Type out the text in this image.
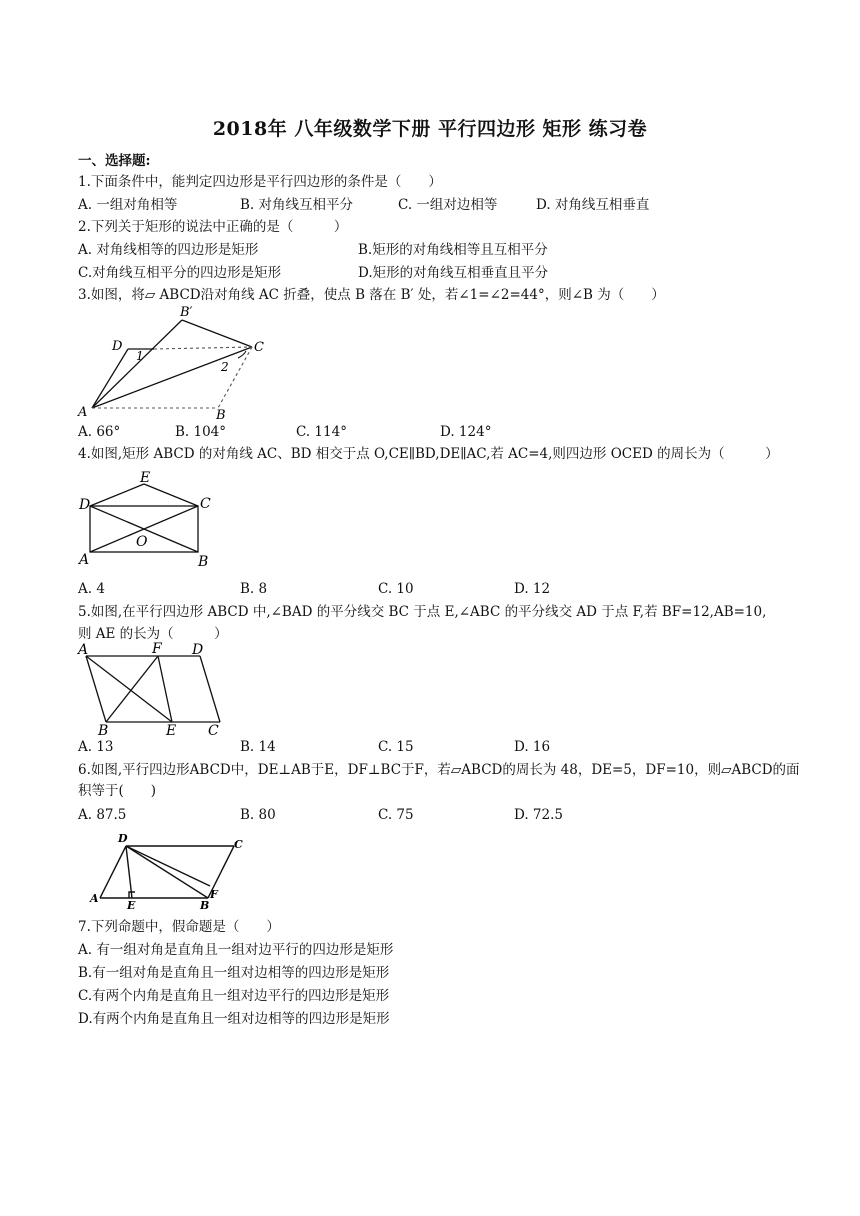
2018年 八年级数学下册 平行四边形 矩形 练习卷
一、选择题:
1.下面条件中，能判定四边形是平行四边形的条件是（　　）
A. 一组对角相等	B. 对角线互相平分	C. 一组对边相等	D. 对角线互相垂直
2.下列关于矩形的说法中正确的是（　　　）
A. 对角线相等的四边形是矩形	B.矩形的对角线相等且互相平分
C.对角线互相平分的四边形是矩形	D.矩形的对角线互相垂直且平分
3.如图，将▱ ABCD沿对角线 AC 折叠，使点 B 落在 B′ 处，若∠1=∠2=44°，则∠B 为（　　）
B′
D	C
A	B
1
2
A. 66°	B. 104°	C. 114°	D. 124°
4.如图,矩形 ABCD 的对角线 AC、BD 相交于点 O,CE∥BD,DE∥AC,若 AC=4,则四边形 OCED 的周长为（　　　）
E
D	C
O
A	B
A. 4	B. 8	C. 10	D. 12
5.如图,在平行四边形 ABCD 中,∠BAD 的平分线交 BC 于点 E,∠ABC 的平分线交 AD 于点 F,若 BF=12,AB=10,
则 AE 的长为（　　　）
A	F D
B	E C
A. 13	B. 14	C. 15	D. 16
6.如图,平行四边形ABCD中，DE⊥AB于E，DF⊥BC于F，若▱ABCD的周长为 48，DE=5，DF=10，则▱ABCD的面
积等于(　　)
A. 87.5	B. 80	C. 75	D. 72.5
D	C
A
E	B
F
7.下列命题中，假命题是（　　）
A. 有一组对角是直角且一组对边平行的四边形是矩形
B.有一组对角是直角且一组对边相等的四边形是矩形
C.有两个内角是直角且一组对边平行的四边形是矩形
D.有两个内角是直角且一组对边相等的四边形是矩形
